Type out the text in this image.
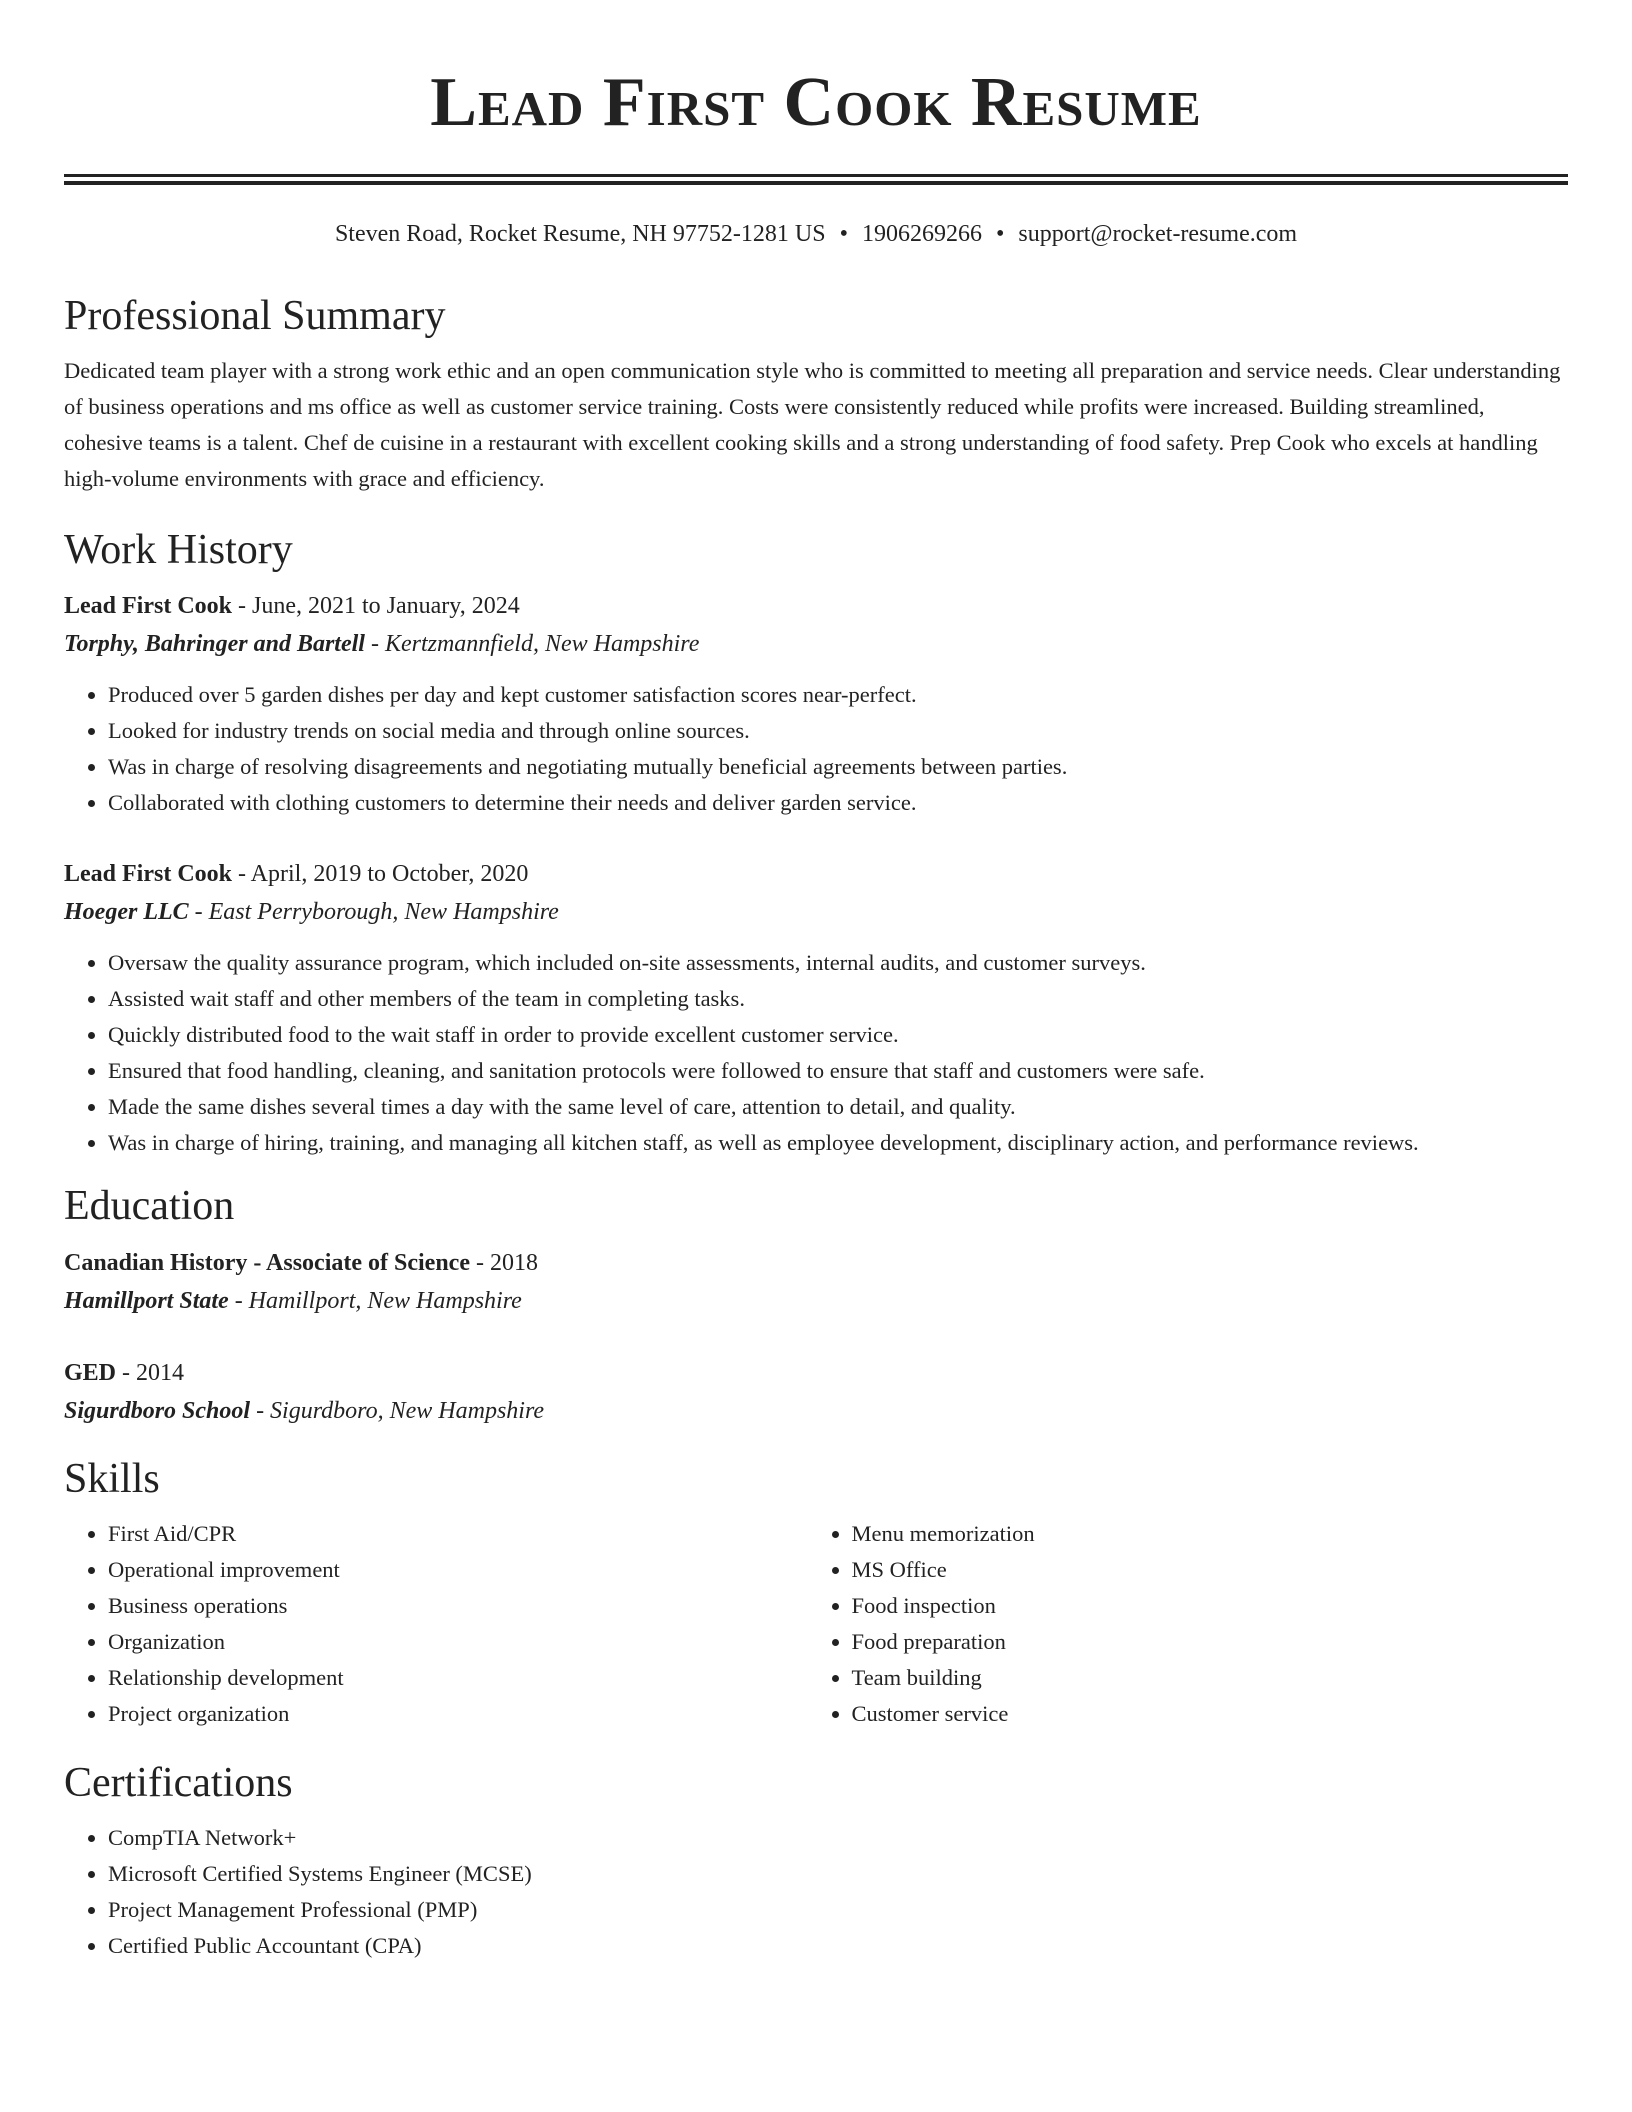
Lead First Cook Resume
Steven Road, Rocket Resume, NH 97752-1281 US • 1906269266 • support@rocket-resume.com
Professional Summary

Dedicated team player with a strong work ethic and an open communication style who is committed to meeting all preparation and service needs. Clear understanding of business operations and ms office as well as customer service training. Costs were consistently reduced while profits were increased. Building streamlined, cohesive teams is a talent. Chef de cuisine in a restaurant with excellent cooking skills and a strong understanding of food safety. Prep Cook who excels at handling high-volume environments with grace and efficiency.

Work History
Lead First Cook - June, 2021 to January, 2024
Torphy, Bahringer and Bartell - Kertzmannfield, New Hampshire
• Produced over 5 garden dishes per day and kept customer satisfaction scores near-perfect.
• Looked for industry trends on social media and through online sources.
• Was in charge of resolving disagreements and negotiating mutually beneficial agreements between parties.
• Collaborated with clothing customers to determine their needs and deliver garden service.
Lead First Cook - April, 2019 to October, 2020
Hoeger LLC - East Perryborough, New Hampshire
• Oversaw the quality assurance program, which included on-site assessments, internal audits, and customer surveys.
• Assisted wait staff and other members of the team in completing tasks.
• Quickly distributed food to the wait staff in order to provide excellent customer service.
• Ensured that food handling, cleaning, and sanitation protocols were followed to ensure that staff and customers were safe.
• Made the same dishes several times a day with the same level of care, attention to detail, and quality.
• Was in charge of hiring, training, and managing all kitchen staff, as well as employee development, disciplinary action, and performance reviews.
Education
Canadian History - Associate of Science - 2018
Hamillport State - Hamillport, New Hampshire
GED - 2014
Sigurdboro School - Sigurdboro, New Hampshire
Skills
• First Aid/CPR
• Operational improvement
• Business operations
• Organization
• Relationship development
• Project organization
• Menu memorization
• MS Office
• Food inspection
• Food preparation
• Team building
• Customer service
Certifications
• CompTIA Network+
• Microsoft Certified Systems Engineer (MCSE)
• Project Management Professional (PMP)
• Certified Public Accountant (CPA)
